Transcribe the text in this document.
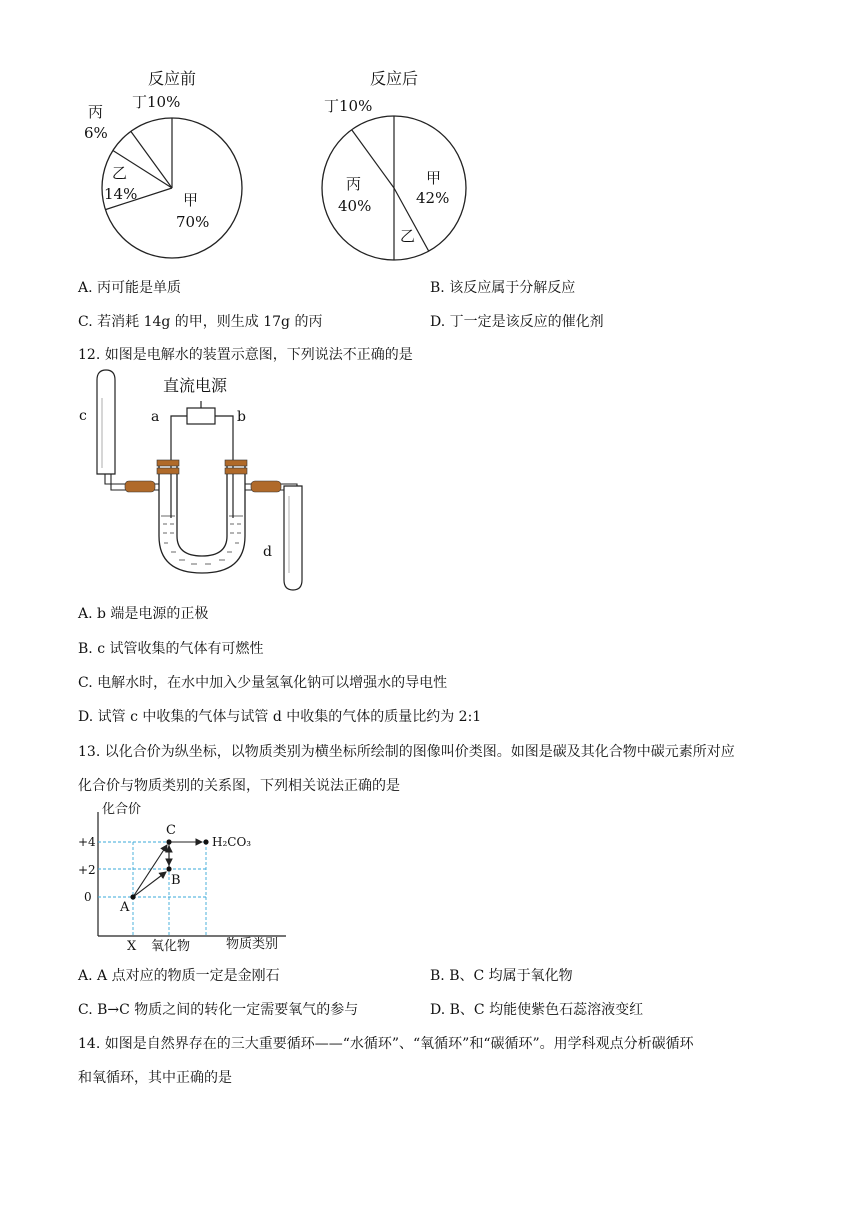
反应前
丁10%
丙
6%
乙
14%	甲
70%
反应后
丁10%
丙
40%
甲
42%
乙
A. 丙可能是单质	B. 该反应属于分解反应
C. 若消耗 14g 的甲，则生成 17g 的丙	D. 丁一定是该反应的催化剂
12. 如图是电解水的装置示意图，下列说法不正确的是
直流电源
a	b
c
d
A. b 端是电源的正极
B. c 试管收集的气体有可燃性
C. 电解水时，在水中加入少量氢氧化钠可以增强水的导电性
D. 试管 c 中收集的气体与试管 d 中收集的气体的质量比约为 2:1
13. 以化合价为纵坐标，以物质类别为横坐标所绘制的图像叫价类图。如图是碳及其化合物中碳元素所对应
化合价与物质类别的关系图，下列相关说法正确的是
化合价
+4
+2
0
X 氧化物	物质类别
A
B
C
H₂CO₃
A. A 点对应的物质一定是金刚石	B. B、C 均属于氧化物
C. B→C 物质之间的转化一定需要氧气的参与	D. B、C 均能使紫色石蕊溶液变红
14. 如图是自然界存在的三大重要循环——“水循环”、“氧循环”和“碳循环”。用学科观点分析碳循环
和氧循环，其中正确的是
